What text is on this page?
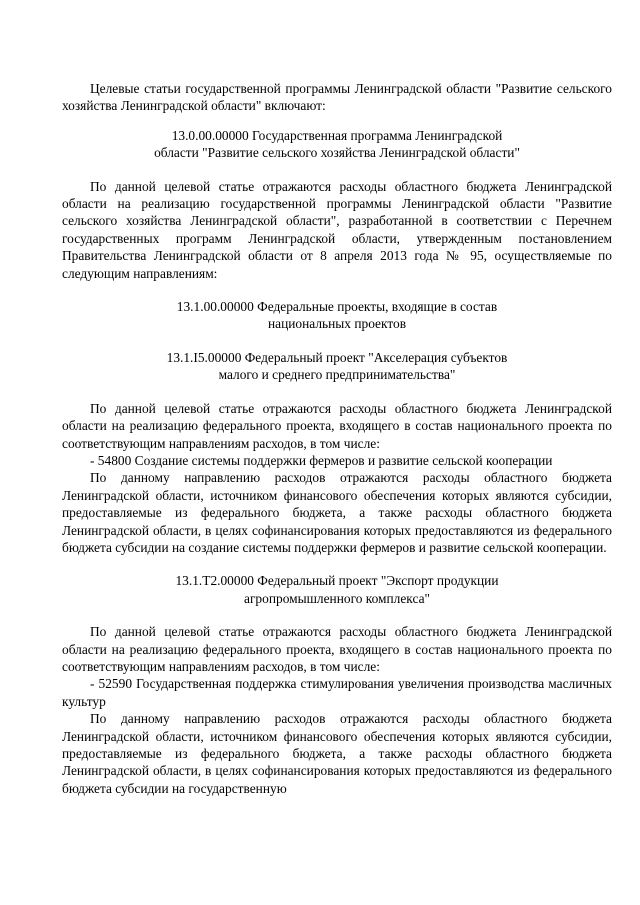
Целевые статьи государственной программы Ленинградской области "Развитие сельского хозяйства Ленинградской области" включают:

13.0.00.00000 Государственная программа Ленинградской

области "Развитие сельского хозяйства Ленинградской области"

По данной целевой статье отражаются расходы областного бюджета Ленинградской области на реализацию государственной программы Ленинградской области "Развитие сельского хозяйства Ленинградской области", разработанной в соответствии с Перечнем государственных программ Ленинградской области, утвержденным постановлением Правительства Ленинградской области от 8 апреля 2013 года № 95, осуществляемые по следующим направлениям:

13.1.00.00000 Федеральные проекты, входящие в состав

национальных проектов

13.1.I5.00000 Федеральный проект "Акселерация субъектов

малого и среднего предпринимательства"

По данной целевой статье отражаются расходы областного бюджета Ленинградской области на реализацию федерального проекта, входящего в состав национального проекта по соответствующим направлениям расходов, в том числе:

- 54800 Создание системы поддержки фермеров и развитие сельской кооперации

По данному направлению расходов отражаются расходы областного бюджета Ленинградской области, источником финансового обеспечения которых являются субсидии, предоставляемые из федерального бюджета, а также расходы областного бюджета Ленинградской области, в целях софинансирования которых предоставляются из федерального бюджета субсидии на создание системы поддержки фермеров и развитие сельской кооперации.

13.1.T2.00000 Федеральный проект "Экспорт продукции

агропромышленного комплекса"

По данной целевой статье отражаются расходы областного бюджета Ленинградской области на реализацию федерального проекта, входящего в состав национального проекта по соответствующим направлениям расходов, в том числе:

- 52590 Государственная поддержка стимулирования увеличения производства масличных культур

По данному направлению расходов отражаются расходы областного бюджета Ленинградской области, источником финансового обеспечения которых являются субсидии, предоставляемые из федерального бюджета, а также расходы областного бюджета Ленинградской области, в целях софинансирования которых предоставляются из федерального бюджета субсидии на государственную
